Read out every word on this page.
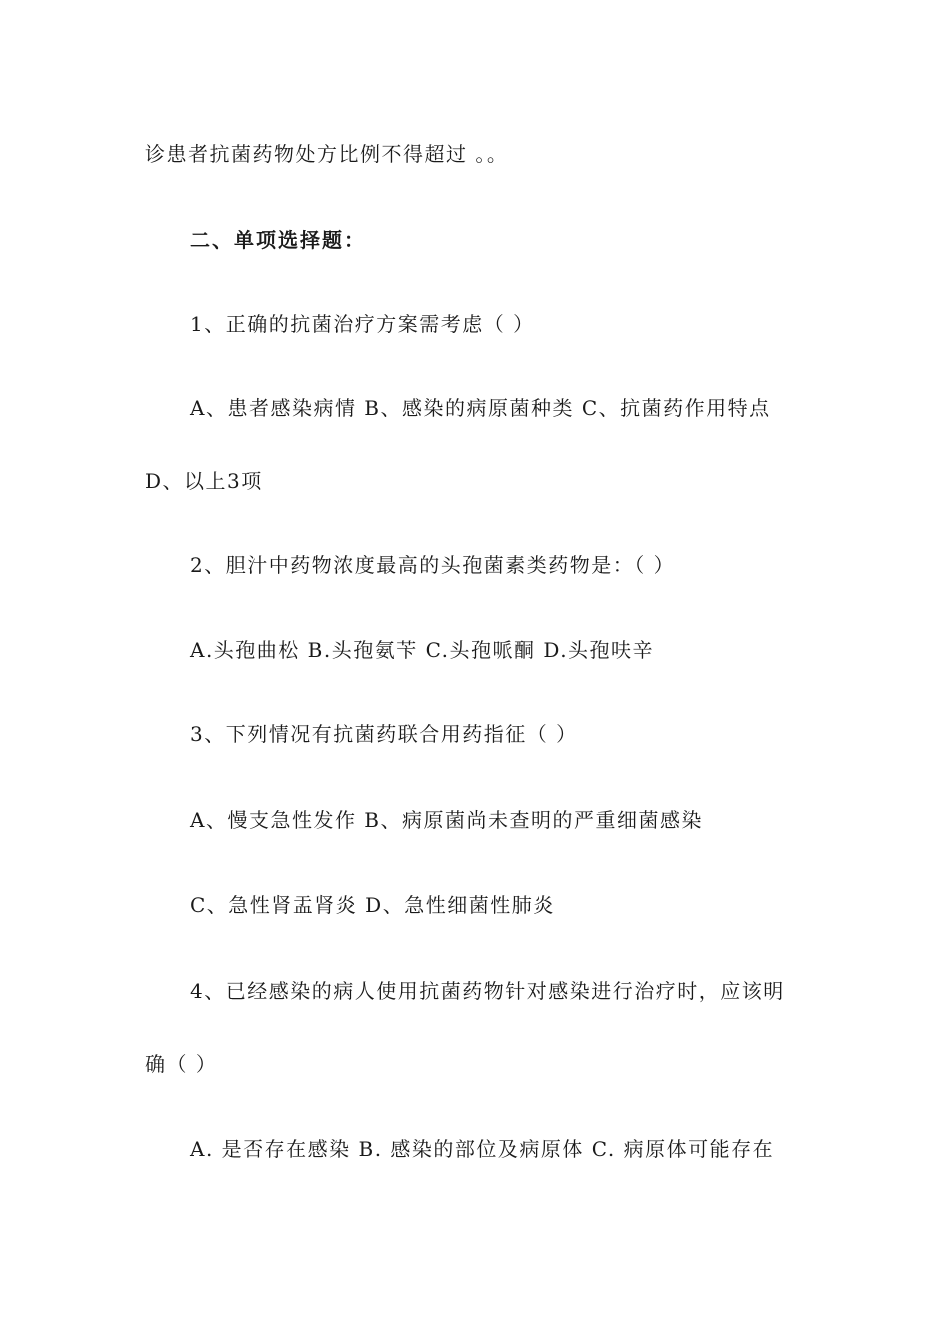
诊患者抗菌药物处方比例不得超过 。。
二、单项选择题：
1、正确的抗菌治疗方案需考虑（ ）
A、患者感染病情 B、感染的病原菌种类 C、抗菌药作用特点
D、以上3项
2、胆汁中药物浓度最高的头孢菌素类药物是：（ ）
A.头孢曲松 B.头孢氨苄 C.头孢哌酮 D.头孢呋辛
3、下列情况有抗菌药联合用药指征（ ）
A、慢支急性发作 B、病原菌尚未查明的严重细菌感染
C、急性肾盂肾炎 D、急性细菌性肺炎
4、已经感染的病人使用抗菌药物针对感染进行治疗时，应该明
确（ ）
A. 是否存在感染 B. 感染的部位及病原体 C. 病原体可能存在
